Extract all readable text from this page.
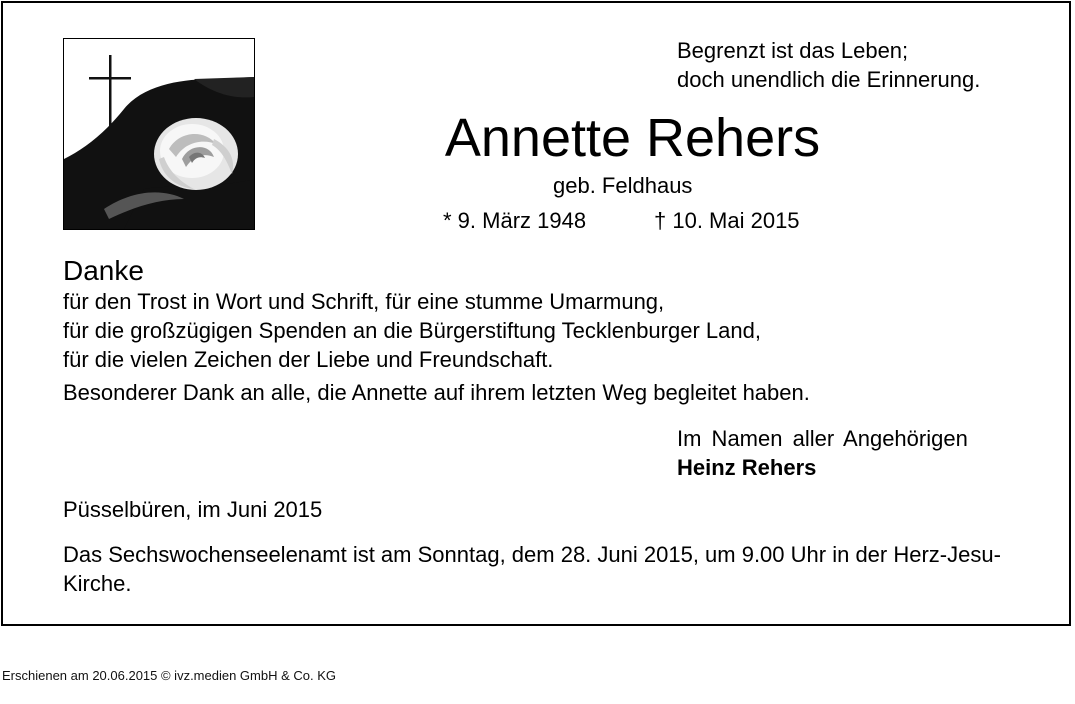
Begrenzt ist das Leben;
doch unendlich die Erinnerung.
Annette Rehers
geb. Feldhaus
* 9. März 1948	† 10. Mai 2015
Danke
für den Trost in Wort und Schrift, für eine stumme Umarmung,
für die großzügigen Spenden an die Bürgerstiftung Tecklenburger Land,
für die vielen Zeichen der Liebe und Freundschaft.
Besonderer Dank an alle, die Annette auf ihrem letzten Weg begleitet haben.
Im Namen aller Angehörigen
Heinz Rehers
Püsselbüren, im Juni 2015
Das Sechswochenseelenamt ist am Sonntag, dem 28. Juni 2015, um 9.00 Uhr in der Herz-Jesu-Kirche.
Erschienen am 20.06.2015 © ivz.medien GmbH & Co. KG
